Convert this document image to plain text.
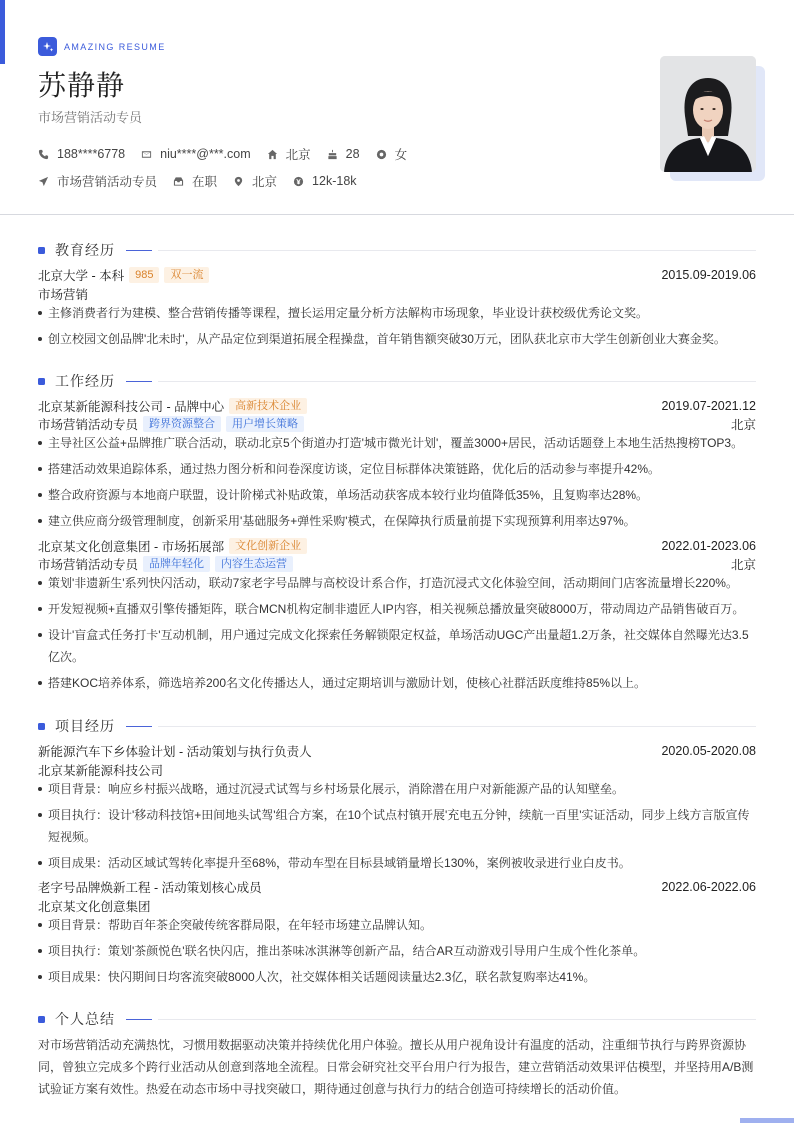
AMAZING RESUME
苏静静
市场营销活动专员
188****6778	niu****@***.com	北京	28	女
市场营销活动专员	在职	北京	12k-18k
教育经历
北京大学 - 本科	985	双一流	2015.09-2019.06
市场营销
主修消费者行为建模、整合营销传播等课程，擅长运用定量分析方法解构市场现象，毕业设计获校级优秀论文奖。
创立校园文创品牌'北未时'，从产品定位到渠道拓展全程操盘，首年销售额突破30万元，团队获北京市大学生创新创业大赛金奖。
工作经历
北京某新能源科技公司 - 品牌中心	高新技术企业	2019.07-2021.12
市场营销活动专员	跨界资源整合	用户增长策略	北京
主导社区公益+品牌推广联合活动，联动北京5个街道办打造'城市微光计划'，覆盖3000+居民，活动话题登上本地生活热搜榜TOP3。
搭建活动效果追踪体系，通过热力图分析和问卷深度访谈，定位目标群体决策链路，优化后的活动参与率提升42%。
整合政府资源与本地商户联盟，设计阶梯式补贴政策，单场活动获客成本较行业均值降低35%，且复购率达28%。
建立供应商分级管理制度，创新采用'基础服务+弹性采购'模式，在保障执行质量前提下实现预算利用率达97%。
北京某文化创意集团 - 市场拓展部	文化创新企业	2022.01-2023.06
市场营销活动专员	品牌年轻化	内容生态运营	北京
策划'非遗新生'系列快闪活动，联动7家老字号品牌与高校设计系合作，打造沉浸式文化体验空间，活动期间门店客流量增长220%。
开发短视频+直播双引擎传播矩阵，联合MCN机构定制非遗匠人IP内容，相关视频总播放量突破8000万，带动周边产品销售破百万。
设计'盲盒式任务打卡'互动机制，用户通过完成文化探索任务解锁限定权益，单场活动UGC产出量超1.2万条，社交媒体自然曝光达3.5亿次。
搭建KOC培养体系，筛选培养200名文化传播达人，通过定期培训与激励计划，使核心社群活跃度维持85%以上。
项目经历
新能源汽车下乡体验计划 - 活动策划与执行负责人	2020.05-2020.08
北京某新能源科技公司
项目背景：响应乡村振兴战略，通过沉浸式试驾与乡村场景化展示，消除潜在用户对新能源产品的认知壁垒。
项目执行：设计'移动科技馆+田间地头试驾'组合方案，在10个试点村镇开展'充电五分钟，续航一百里'实证活动，同步上线方言版宣传短视频。
项目成果：活动区域试驾转化率提升至68%，带动车型在目标县域销量增长130%，案例被收录进行业白皮书。
老字号品牌焕新工程 - 活动策划核心成员	2022.06-2022.06
北京某文化创意集团
项目背景：帮助百年茶企突破传统客群局限，在年轻市场建立品牌认知。
项目执行：策划'茶颜悦色'联名快闪店，推出茶味冰淇淋等创新产品，结合AR互动游戏引导用户生成个性化茶单。
项目成果：快闪期间日均客流突破8000人次，社交媒体相关话题阅读量达2.3亿，联名款复购率达41%。
个人总结
对市场营销活动充满热忱，习惯用数据驱动决策并持续优化用户体验。擅长从用户视角设计有温度的活动，注重细节执行与跨界资源协同，曾独立完成多个跨行业活动从创意到落地全流程。日常会研究社交平台用户行为报告，建立营销活动效果评估模型，并坚持用A/B测试验证方案有效性。热爱在动态市场中寻找突破口，期待通过创意与执行力的结合创造可持续增长的活动价值。
